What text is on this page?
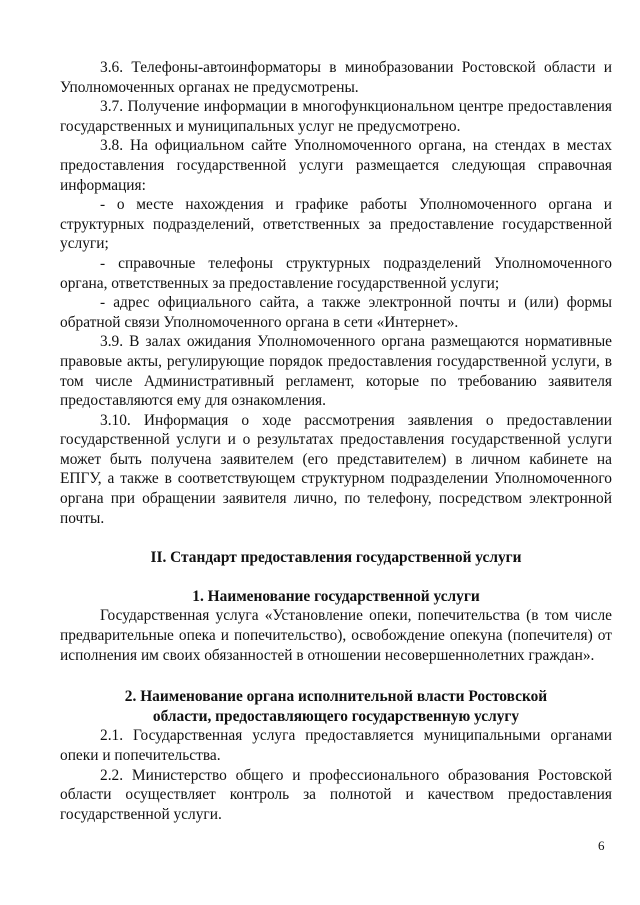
3.6. Телефоны-автоинформаторы в минобразовании Ростовской области и Уполномоченных органах не предусмотрены.

3.7. Получение информации в многофункциональном центре предоставления государственных и муниципальных услуг не предусмотрено.

3.8. На официальном сайте Уполномоченного органа, на стендах в местах предоставления государственной услуги размещается следующая справочная информация:

- о месте нахождения и графике работы Уполномоченного органа и структурных подразделений, ответственных за предоставление государственной услуги;

- справочные телефоны структурных подразделений Уполномоченного органа, ответственных за предоставление государственной услуги;

- адрес официального сайта, а также электронной почты и (или) формы обратной связи Уполномоченного органа в сети «Интернет».

3.9. В залах ожидания Уполномоченного органа размещаются нормативные правовые акты, регулирующие порядок предоставления государственной услуги, в том числе Административный регламент, которые по требованию заявителя предоставляются ему для ознакомления.

3.10. Информация о ходе рассмотрения заявления о предоставлении государственной услуги и о результатах предоставления государственной услуги может быть получена заявителем (его представителем) в личном кабинете на ЕПГУ, а также в соответствующем структурном подразделении Уполномоченного органа при обращении заявителя лично, по телефону, посредством электронной почты.

II. Стандарт предоставления государственной услуги

1. Наименование государственной услуги

Государственная услуга «Установление опеки, попечительства (в том числе предварительные опека и попечительство), освобождение опекуна (попечителя) от исполнения им своих обязанностей в отношении несовершеннолетних граждан».

2. Наименование органа исполнительной власти Ростовской

области, предоставляющего государственную услугу

2.1. Государственная услуга предоставляется муниципальными органами опеки и попечительства.

2.2. Министерство общего и профессионального образования Ростовской области осуществляет контроль за полнотой и качеством предоставления государственной услуги.

6
